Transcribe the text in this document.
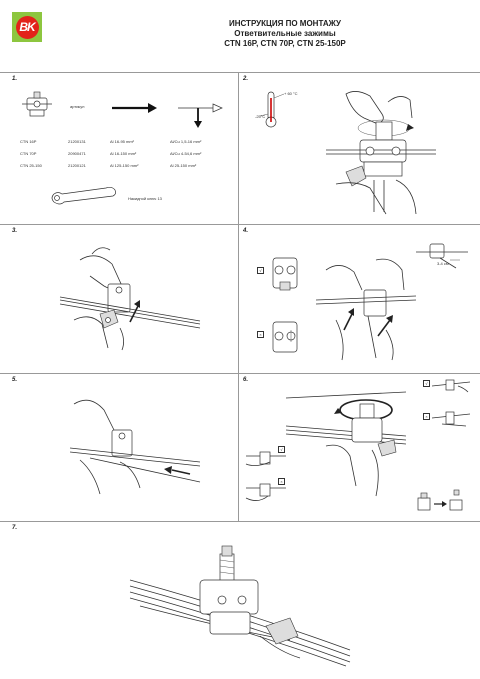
BK	ИНСТРУКЦИЯ ПО МОНТАЖУ
Ответвительные зажимы
CTN 16P, CTN 70P, CTN 25-150P
1.	2.
3.	4.
5.	6.
7.
артикул
CTN 16P	21200131	Al 16-95 mm²	Al/Cu 1,5-16 mm²
CTN 70P	20900471	Al 16-150 mm²	Al/Cu 4-54,6 mm²
CTN 25-150	21200121	Al 125-150 mm²	Al 25-150 mm²
Накидной ключ 13
+ 60 °C
-25°C
√
×
3-4 см
√
×
√
×
